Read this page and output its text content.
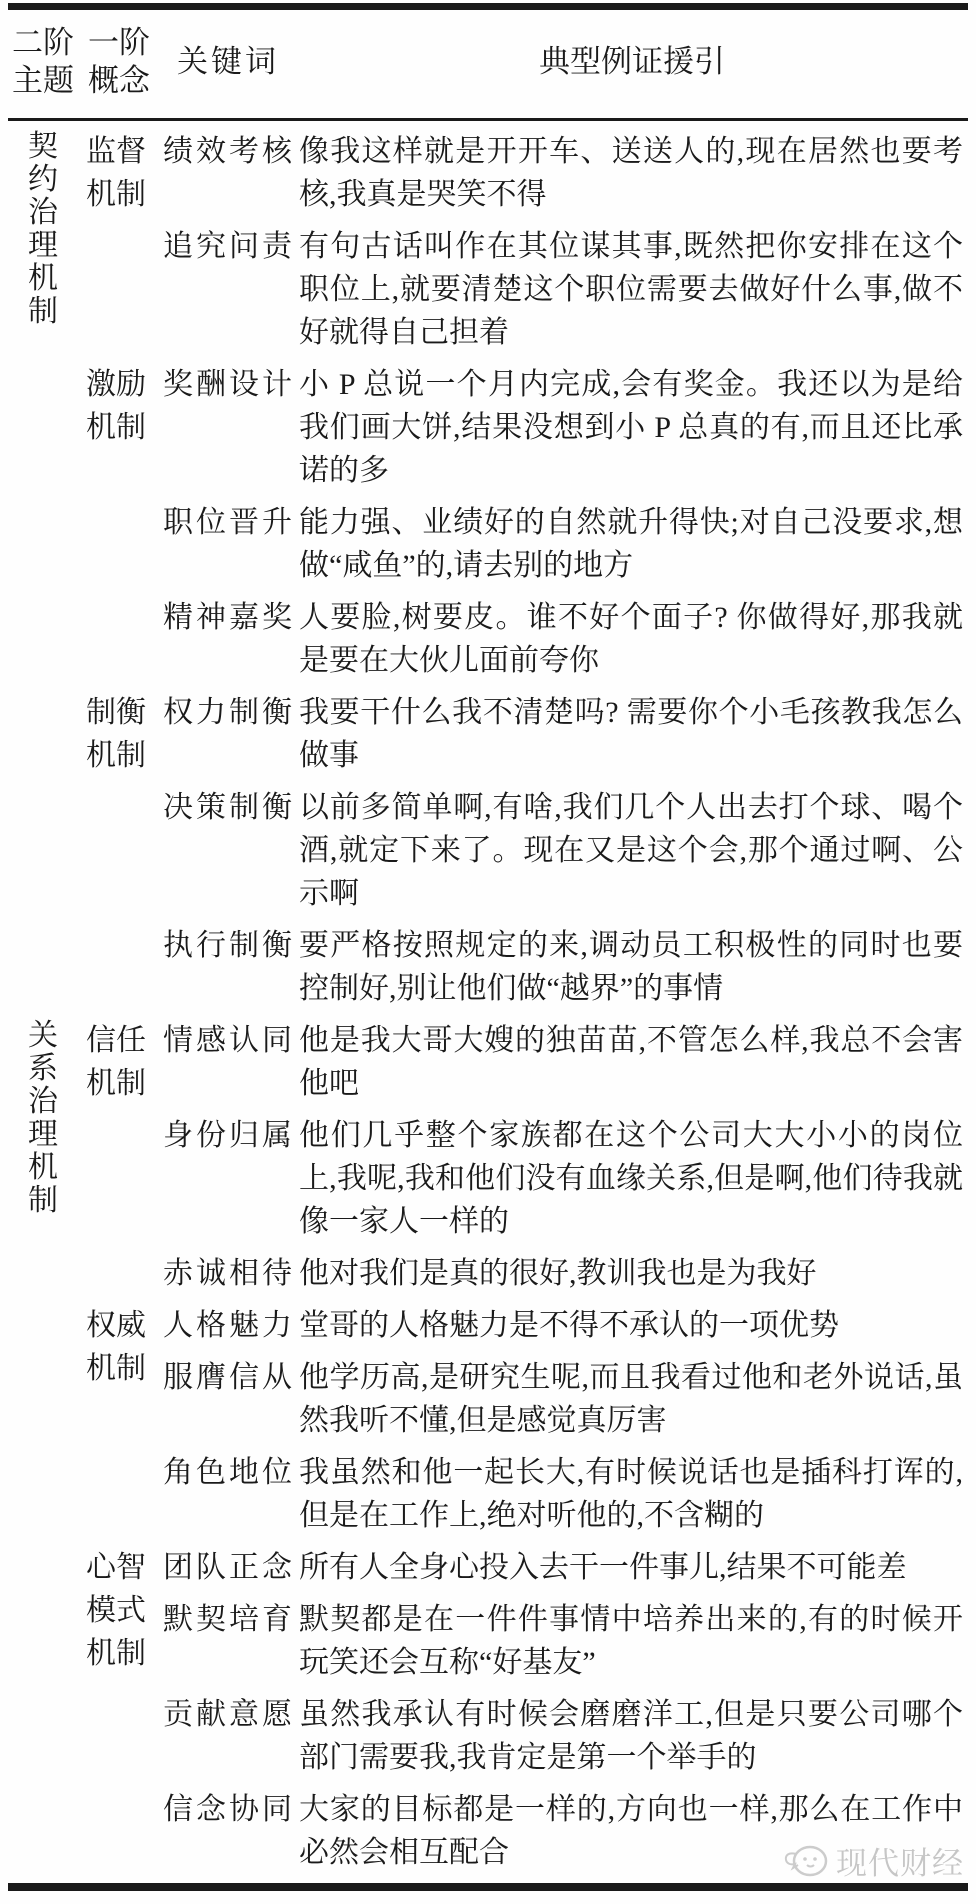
二阶主题	一阶概念	关键词	典型例证援引

契约治理机制	监督机制	绩效考核	像我这样就是开开车、送送人的,现在居然也要考核,我真是哭笑不得
		追究问责	有句古话叫作在其位谋其事,既然把你安排在这个职位上,就要清楚这个职位需要去做好什么事,做不好就得自己担着

	激励机制	奖酬设计	小 P 总说一个月内完成,会有奖金。我还以为是给我们画大饼,结果没想到小 P 总真的有,而且还比承诺的多
		职位晋升	能力强、业绩好的自然就升得快;对自己没要求,想做“咸鱼”的,请去别的地方
		精神嘉奖	人要脸,树要皮。谁不好个面子? 你做得好,那我就是要在大伙儿面前夸你

	制衡机制	权力制衡	我要干什么我不清楚吗? 需要你个小毛孩教我怎么做事
		决策制衡	以前多简单啊,有啥,我们几个人出去打个球、喝个酒,就定下来了。现在又是这个会,那个通过啊、公示啊
		执行制衡	要严格按照规定的来,调动员工积极性的同时也要控制好,别让他们做“越界”的事情

关系治理机制	信任机制	情感认同	他是我大哥大嫂的独苗苗,不管怎么样,我总不会害他吧
		身份归属	他们几乎整个家族都在这个公司大大小小的岗位上,我呢,我和他们没有血缘关系,但是啊,他们待我就像一家人一样的
		赤诚相待	他对我们是真的很好,教训我也是为我好

	权威机制	人格魅力	堂哥的人格魅力是不得不承认的一项优势
		服膺信从	他学历高,是研究生呢,而且我看过他和老外说话,虽然我听不懂,但是感觉真厉害
		角色地位	我虽然和他一起长大,有时候说话也是插科打诨的,但是在工作上,绝对听他的,不含糊的

	心智模式机制	团队正念	所有人全身心投入去干一件事儿,结果不可能差
		默契培育	默契都是在一件件事情中培养出来的,有的时候开玩笑还会互称“好基友”
		贡献意愿	虽然我承认有时候会磨磨洋工,但是只要公司哪个部门需要我,我肯定是第一个举手的
		信念协同	大家的目标都是一样的,方向也一样,那么在工作中必然会相互配合	现代财经
